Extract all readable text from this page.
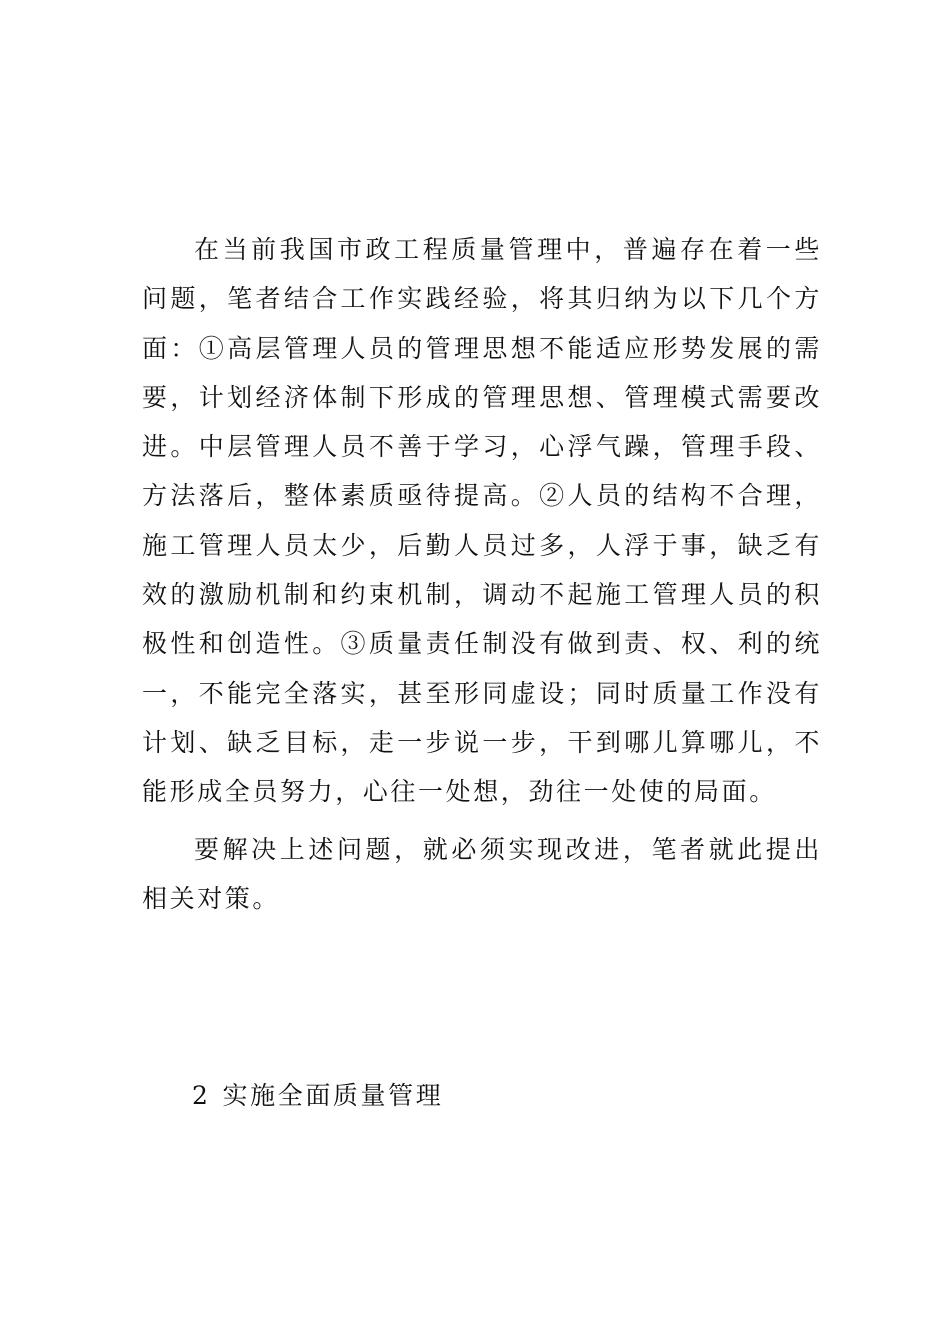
在当前我国市政工程质量管理中，普遍存在着一些问题，笔者结合工作实践经验，将其归纳为以下几个方面：①高层管理人员的管理思想不能适应形势发展的需要，计划经济体制下形成的管理思想、管理模式需要改进。中层管理人员不善于学习，心浮气躁，管理手段、方法落后，整体素质亟待提高。②人员的结构不合理，施工管理人员太少，后勤人员过多，人浮于事，缺乏有效的激励机制和约束机制，调动不起施工管理人员的积极性和创造性。③质量责任制没有做到责、权、利的统一，不能完全落实，甚至形同虚设；同时质量工作没有计划、缺乏目标，走一步说一步，干到哪儿算哪儿，不能形成全员努力，心往一处想，劲往一处使的局面。

要解决上述问题，就必须实现改进，笔者就此提出相关对策。

2 实施全面质量管理
